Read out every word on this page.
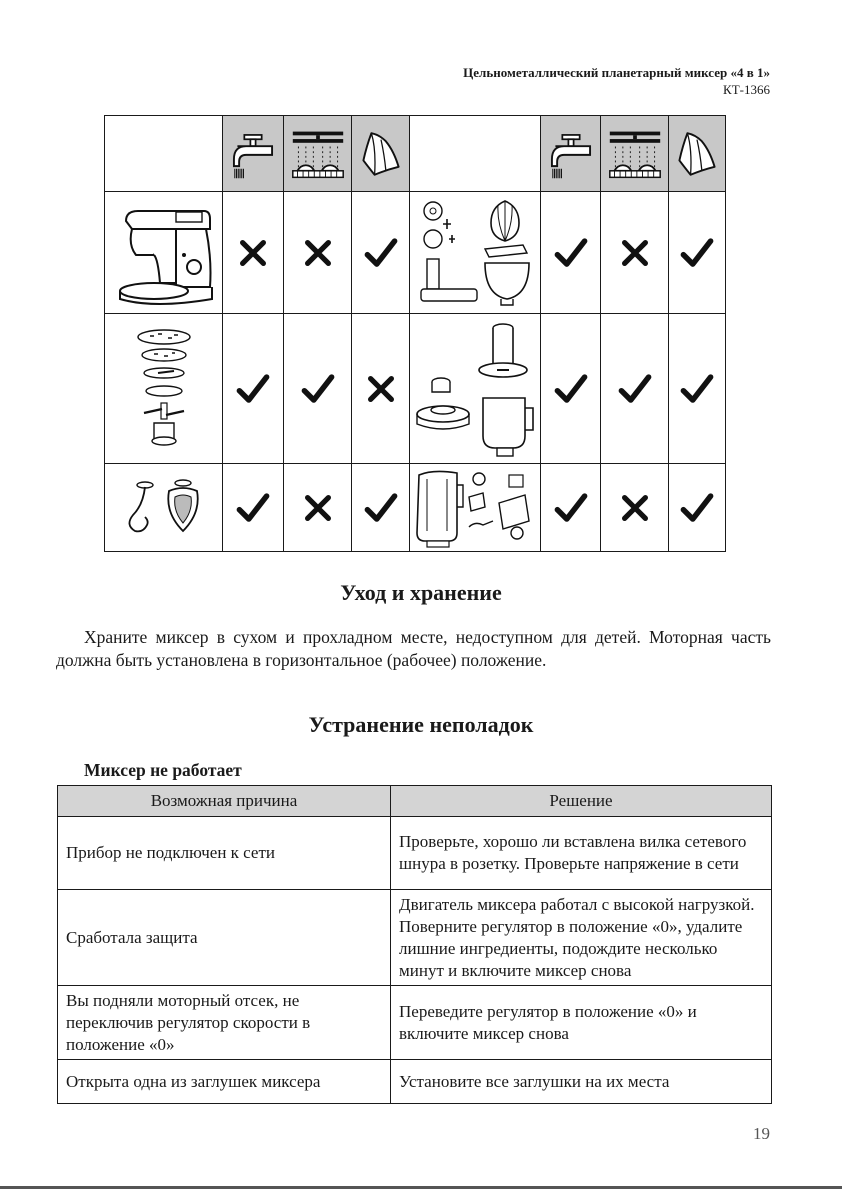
Цельнометаллический планетарный миксер «4 в 1»
КТ-1366

Уход и хранение

Храните миксер в сухом и прохладном месте, недоступном для детей. Моторная часть должна быть установлена в горизонтальное (рабочее) положение.

Устранение неполадок

Миксер не работает

Возможная причина	Решение
Прибор не подключен к сети	Проверьте, хорошо ли вставлена вилка сетевого шнура в розетку. Проверьте напряжение в сети
Сработала защита	Двигатель миксера работал с высокой нагрузкой. Поверните регулятор в положение «0», удалите лишние ингредиенты, подождите несколько минут и включите миксер снова
Вы подняли моторный отсек, не переключив регулятор скорости в положение «0»	Переведите регулятор в положение «0» и включите миксер снова
Открыта одна из заглушек миксера	Установите все заглушки на их места
19
